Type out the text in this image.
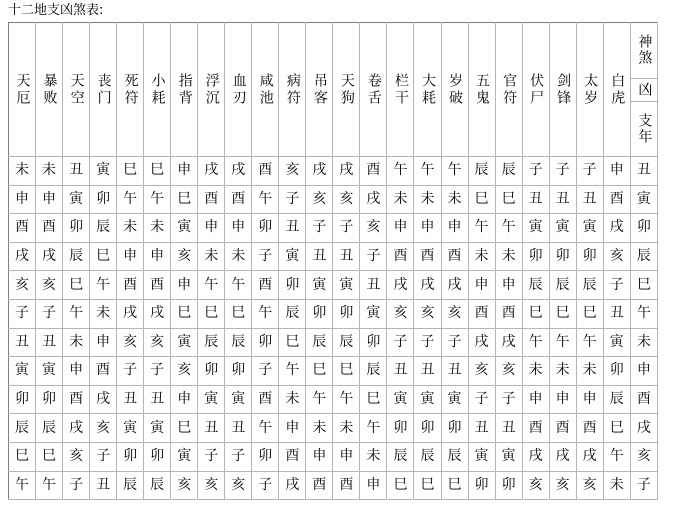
十二地支凶煞表:
天厄	暴败	天空	丧门	死符	小耗	指背	浮沉	血刃	咸池	病符	吊客	天狗	卷舌	栏干	大耗	岁破	五鬼	官符	伏尸	剑锋	太岁	白虎	神煞
凶
支年

未	未	丑	寅	巳	巳	申	戌	戌	酉	亥	戌	戌	酉	午	午	午	辰	辰	子	子	子	申	丑
申	申	寅	卯	午	午	巳	酉	酉	午	子	亥	亥	戌	未	未	未	巳	巳	丑	丑	丑	酉	寅
酉	酉	卯	辰	未	未	寅	申	申	卯	丑	子	子	亥	申	申	申	午	午	寅	寅	寅	戌	卯
戌	戌	辰	巳	申	申	亥	未	未	子	寅	丑	丑	子	酉	酉	酉	未	未	卯	卯	卯	亥	辰
亥	亥	巳	午	酉	酉	申	午	午	酉	卯	寅	寅	丑	戌	戌	戌	申	申	辰	辰	辰	子	巳
子	子	午	未	戌	戌	巳	巳	巳	午	辰	卯	卯	寅	亥	亥	亥	酉	酉	巳	巳	巳	丑	午
丑	丑	未	申	亥	亥	寅	辰	辰	卯	巳	辰	辰	卯	子	子	子	戌	戌	午	午	午	寅	未
寅	寅	申	酉	子	子	亥	卯	卯	子	午	巳	巳	辰	丑	丑	丑	亥	亥	未	未	未	卯	申
卯	卯	酉	戌	丑	丑	申	寅	寅	酉	未	午	午	巳	寅	寅	寅	子	子	申	申	申	辰	酉
辰	辰	戌	亥	寅	寅	巳	丑	丑	午	申	未	未	午	卯	卯	卯	丑	丑	酉	酉	酉	巳	戌
巳	巳	亥	子	卯	卯	寅	子	子	卯	酉	申	申	未	辰	辰	辰	寅	寅	戌	戌	戌	午	亥
午	午	子	丑	辰	辰	亥	亥	亥	子	戌	酉	酉	申	巳	巳	巳	卯	卯	亥	亥	亥	未	子
